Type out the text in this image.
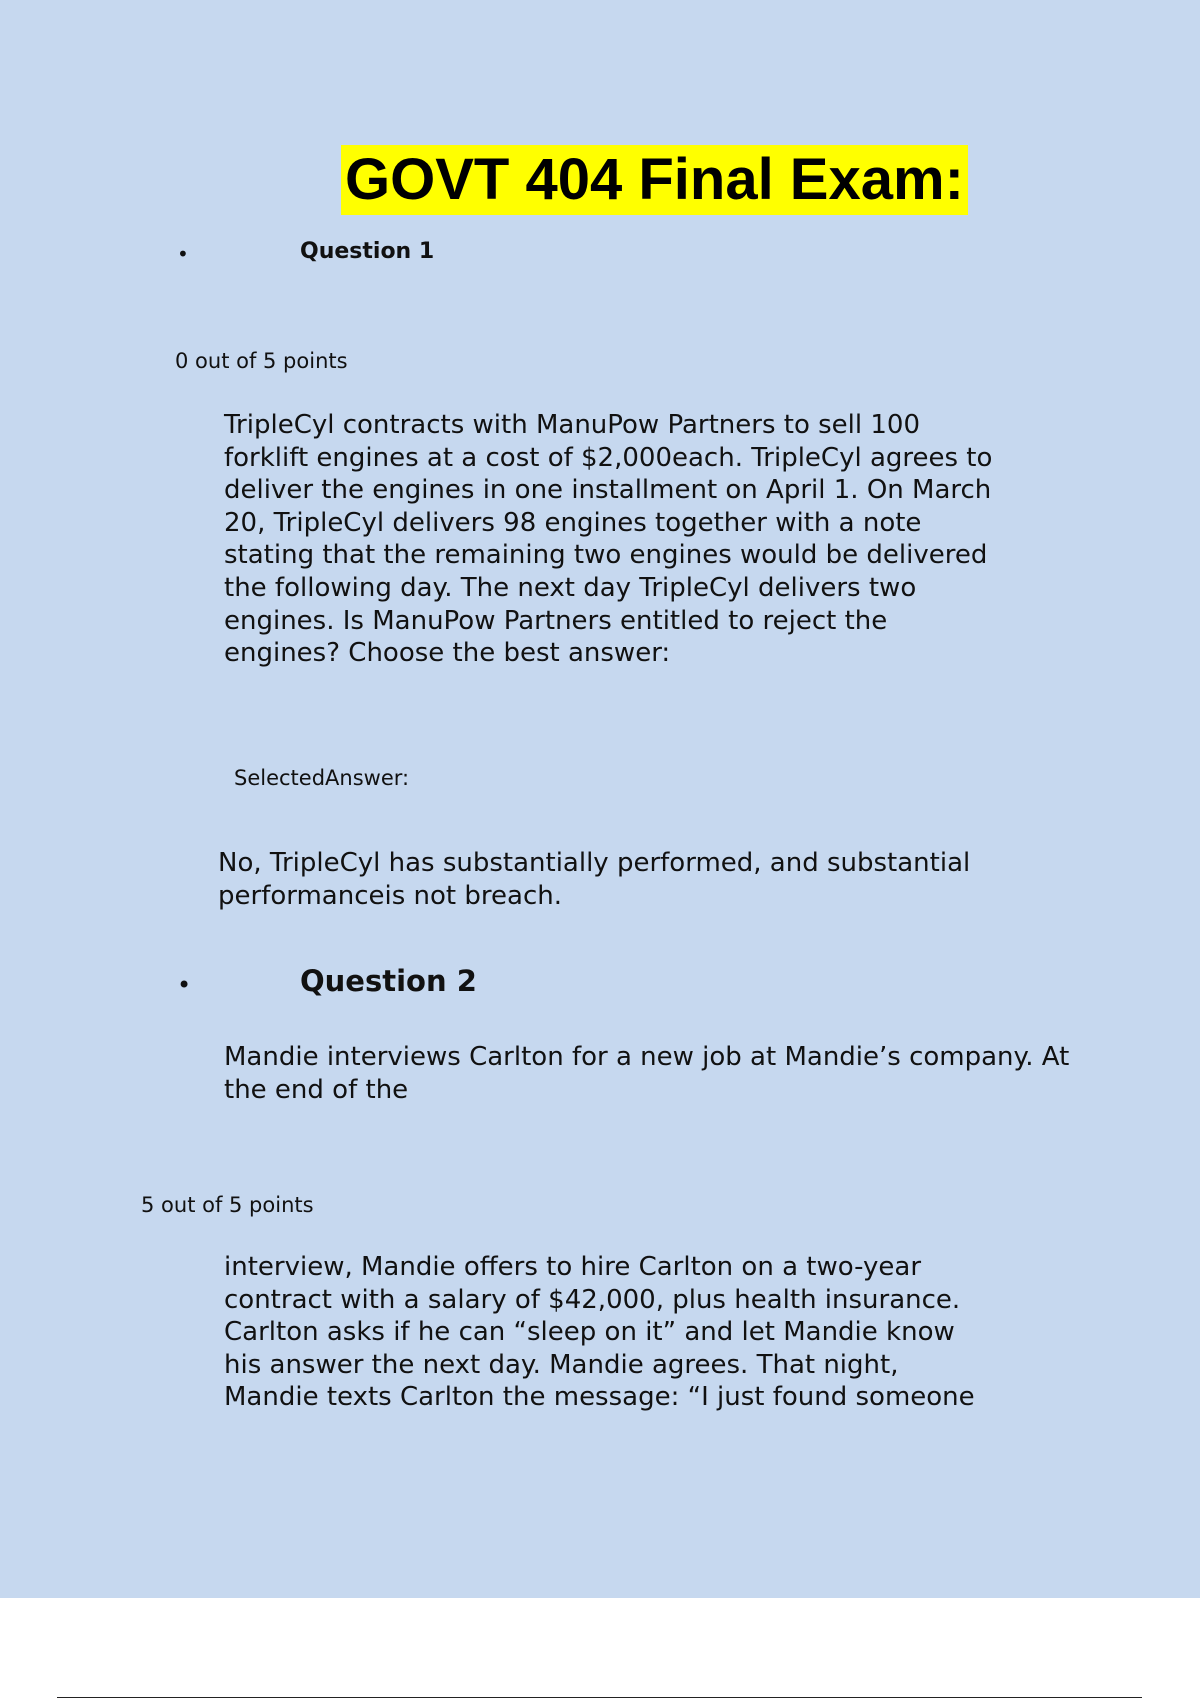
GOVT 404 Final Exam:
•	Question 1
0 out of 5 points
TripleCyl contracts with ManuPow Partners to sell 100
forklift engines at a cost of $2,000each. TripleCyl agrees to
deliver the engines in one installment on April 1. On March
20, TripleCyl delivers 98 engines together with a note
stating that the remaining two engines would be delivered
the following day. The next day TripleCyl delivers two
engines. Is ManuPow Partners entitled to reject the
engines? Choose the best answer:
SelectedAnswer:
No, TripleCyl has substantially performed, and substantial
performanceis not breach.
•	Question 2
Mandie interviews Carlton for a new job at Mandie’s company. At
the end of the
5 out of 5 points
interview, Mandie offers to hire Carlton on a two-year
contract with a salary of $42,000, plus health insurance.
Carlton asks if he can “sleep on it” and let Mandie know
his answer the next day. Mandie agrees. That night,
Mandie texts Carlton the message: “I just found someone
